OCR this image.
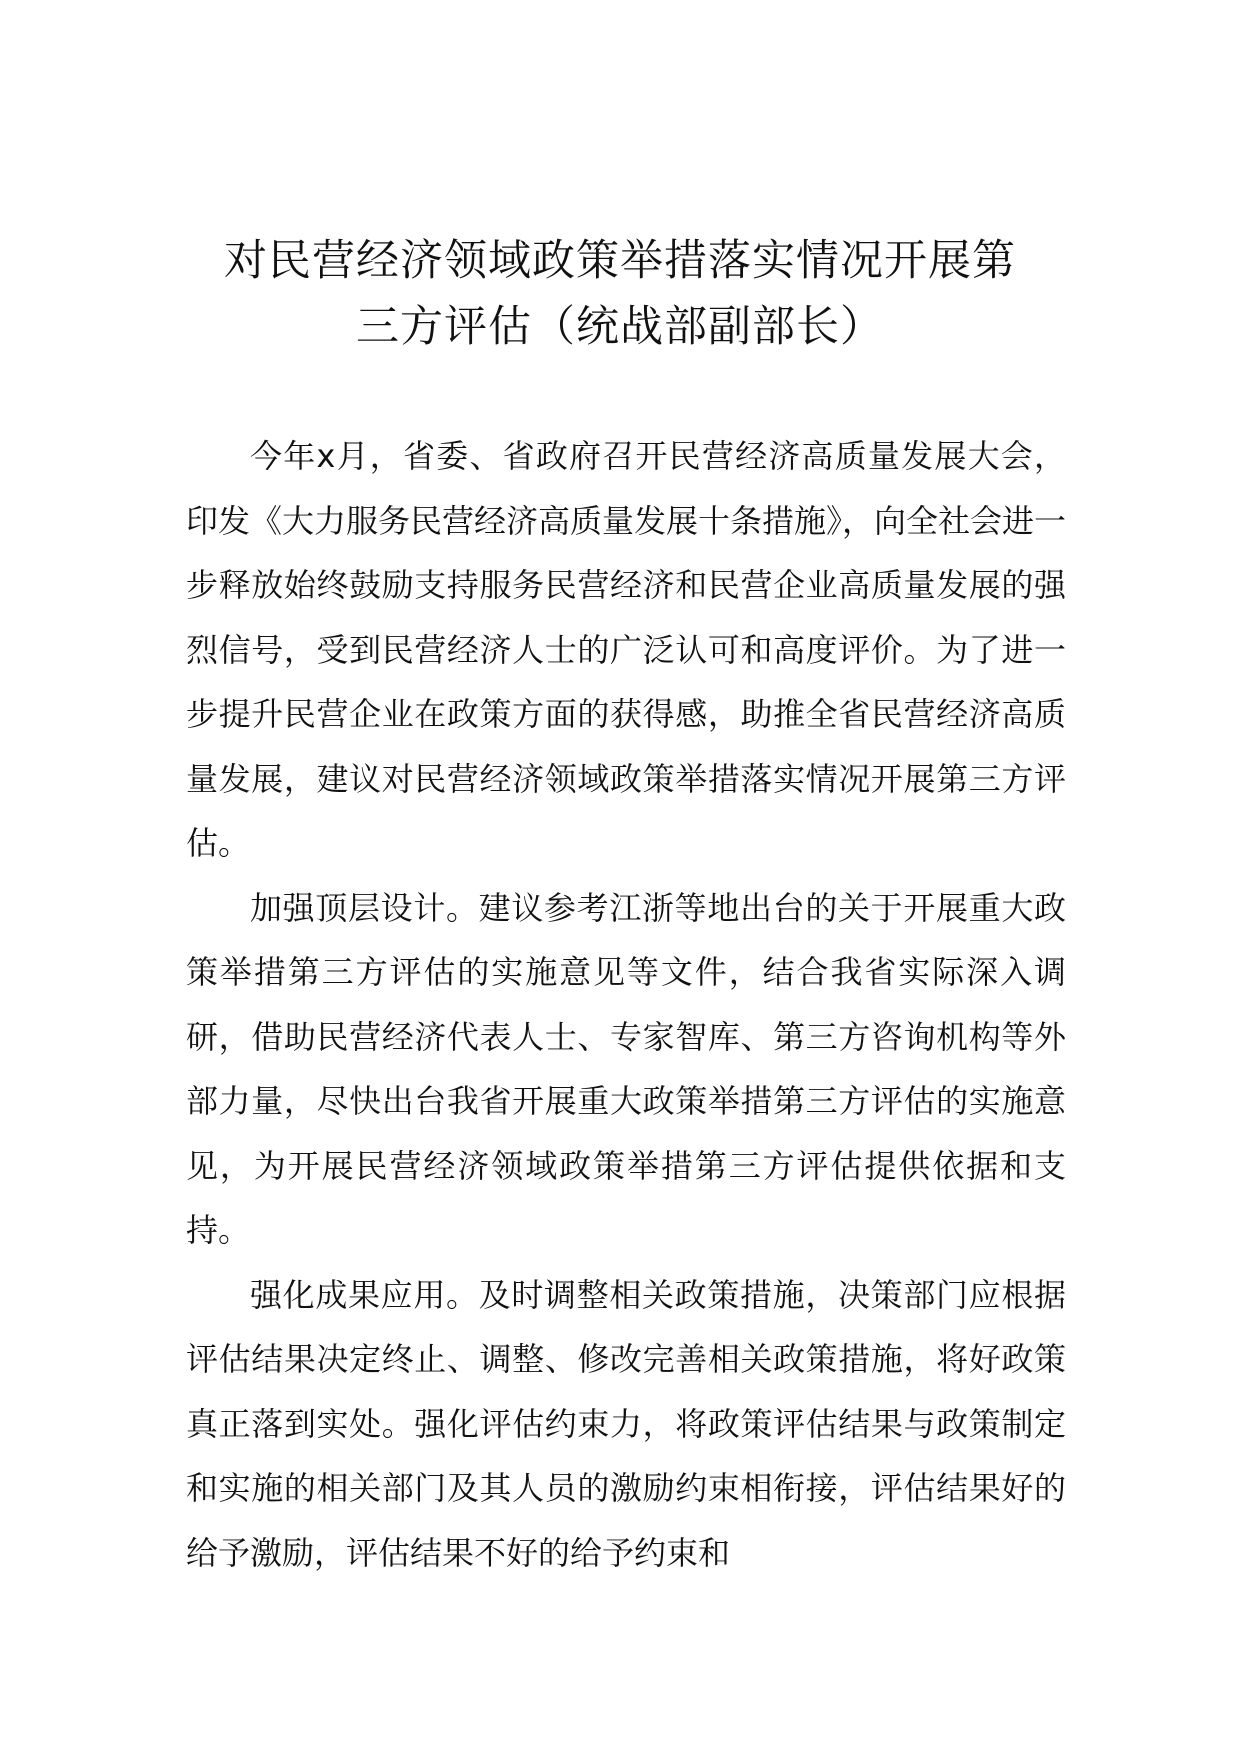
对民营经济领域政策举措落实情况开展第
三方评估（统战部副部长）

今年x月，省委、省政府召开民营经济高质量发展大会，印发《大力服务民营经济高质量发展十条措施》，向全社会进一步释放始终鼓励支持服务民营经济和民营企业高质量发展的强烈信号，受到民营经济人士的广泛认可和高度评价。为了进一步提升民营企业在政策方面的获得感，助推全省民营经济高质量发展，建议对民营经济领域政策举措落实情况开展第三方评估。

加强顶层设计。建议参考江浙等地出台的关于开展重大政策举措第三方评估的实施意见等文件，结合我省实际深入调研，借助民营经济代表人士、专家智库、第三方咨询机构等外部力量，尽快出台我省开展重大政策举措第三方评估的实施意见，为开展民营经济领域政策举措第三方评估提供依据和支持。

强化成果应用。及时调整相关政策措施，决策部门应根据评估结果决定终止、调整、修改完善相关政策措施，将好政策真正落到实处。强化评估约束力，将政策评估结果与政策制定和实施的相关部门及其人员的激励约束相衔接，评估结果好的给予激励，评估结果不好的给予约束和
